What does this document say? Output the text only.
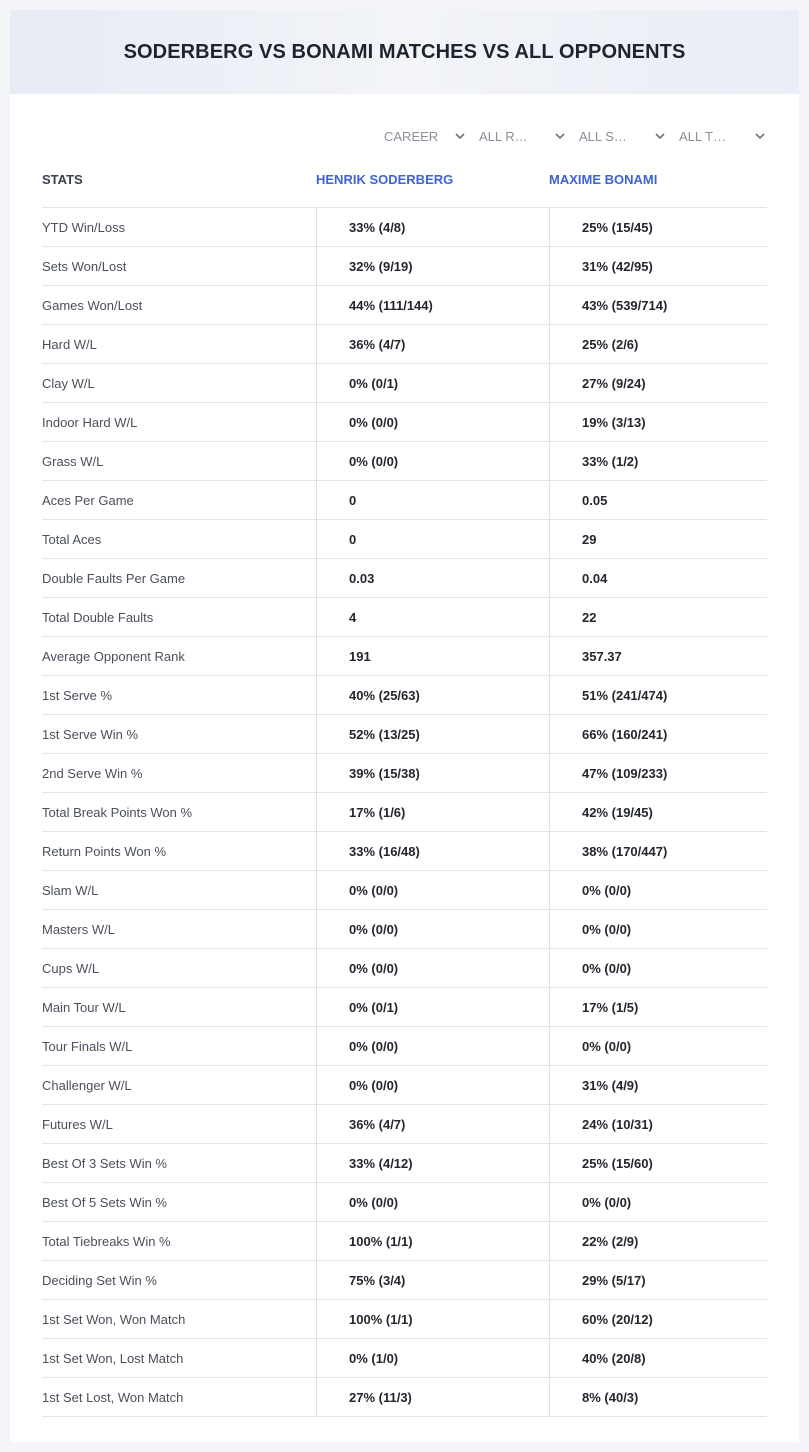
SODERBERG VS BONAMI MATCHES VS ALL OPPONENTS
CAREER	ALL R…	ALL S…	ALL T…
STATS	HENRIK SODERBERG	MAXIME BONAMI
YTD Win/Loss	33% (4/8)	25% (15/45)
Sets Won/Lost	32% (9/19)	31% (42/95)
Games Won/Lost	44% (111/144)	43% (539/714)
Hard W/L	36% (4/7)	25% (2/6)
Clay W/L	0% (0/1)	27% (9/24)
Indoor Hard W/L	0% (0/0)	19% (3/13)
Grass W/L	0% (0/0)	33% (1/2)
Aces Per Game	0	0.05
Total Aces	0	29
Double Faults Per Game	0.03	0.04
Total Double Faults	4	22
Average Opponent Rank	191	357.37
1st Serve %	40% (25/63)	51% (241/474)
1st Serve Win %	52% (13/25)	66% (160/241)
2nd Serve Win %	39% (15/38)	47% (109/233)
Total Break Points Won %	17% (1/6)	42% (19/45)
Return Points Won %	33% (16/48)	38% (170/447)
Slam W/L	0% (0/0)	0% (0/0)
Masters W/L	0% (0/0)	0% (0/0)
Cups W/L	0% (0/0)	0% (0/0)
Main Tour W/L	0% (0/1)	17% (1/5)
Tour Finals W/L	0% (0/0)	0% (0/0)
Challenger W/L	0% (0/0)	31% (4/9)
Futures W/L	36% (4/7)	24% (10/31)
Best Of 3 Sets Win %	33% (4/12)	25% (15/60)
Best Of 5 Sets Win %	0% (0/0)	0% (0/0)
Total Tiebreaks Win %	100% (1/1)	22% (2/9)
Deciding Set Win %	75% (3/4)	29% (5/17)
1st Set Won, Won Match	100% (1/1)	60% (20/12)
1st Set Won, Lost Match	0% (1/0)	40% (20/8)
1st Set Lost, Won Match	27% (11/3)	8% (40/3)
